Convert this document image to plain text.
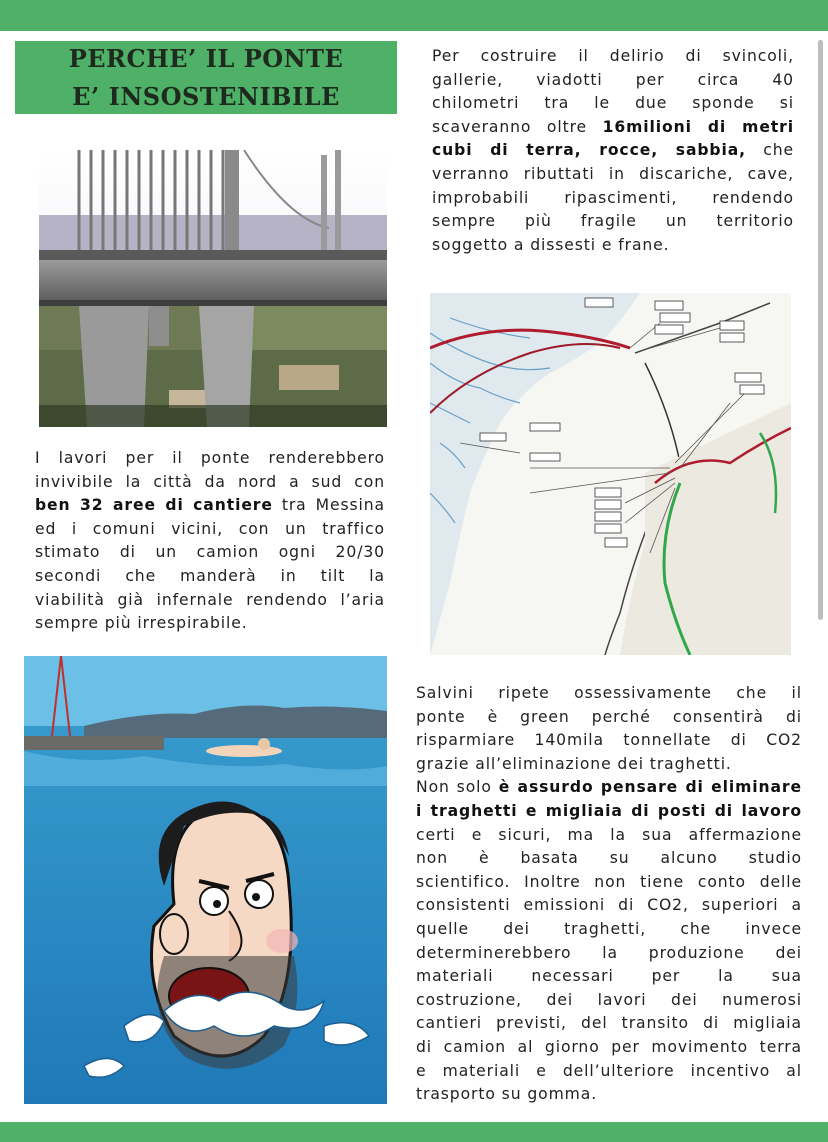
PERCHE’ IL PONTE
E’ INSOSTENIBILE
Per costruire il delirio di svincoli,
gallerie, viadotti per circa 40
chilometri tra le due sponde si
scaveranno oltre 16milioni di metri
cubi di terra, rocce, sabbia, che
verranno ributtati in discariche, cave,
improbabili ripascimenti, rendendo
sempre più fragile un territorio
soggetto a dissesti e frane.
I lavori per il ponte renderebbero
invivibile la città da nord a sud con
ben 32 aree di cantiere tra Messina
ed i comuni vicini, con un traffico
stimato di un camion ogni 20/30
secondi che manderà in tilt la
viabilità già infernale rendendo l’aria
sempre più irrespirabile.
Salvini ripete ossessivamente che il
ponte è green perché consentirà di
risparmiare 140mila tonnellate di CO2
grazie all’eliminazione dei traghetti.
Non solo è assurdo pensare di eliminare
i traghetti e migliaia di posti di lavoro
certi e sicuri, ma la sua affermazione
non è basata su alcuno studio
scientifico. Inoltre non tiene conto delle
consistenti emissioni di CO2, superiori a
quelle dei traghetti, che invece
determinerebbero la produzione dei
materiali necessari per la sua
costruzione, dei lavori dei numerosi
cantieri previsti, del transito di migliaia
di camion al giorno per movimento terra
e materiali e dell’ulteriore incentivo al
trasporto su gomma.
